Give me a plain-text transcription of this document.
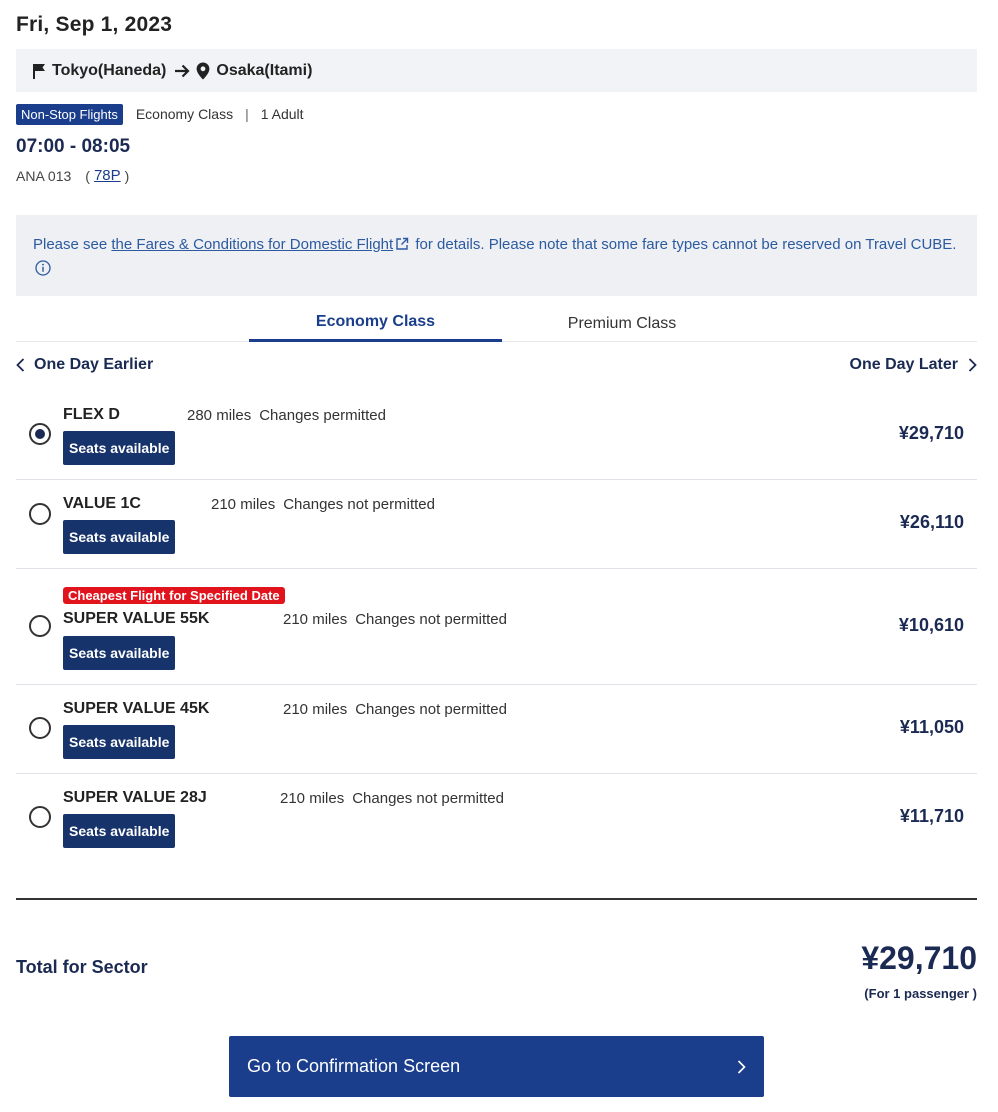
Fri, Sep 1, 2023
Tokyo(Haneda)	Osaka(Itami)
Non-Stop Flights	Economy Class | 1 Adult
07:00 - 08:05
ANA 013 ( 78P )
Please see the Fares & Conditions for Domestic Flight for details. Please note that some fare types cannot be reserved on Travel CUBE.
Economy Class	Premium Class
One Day Earlier	One Day Later
FLEX D	280 miles Changes permitted
Seats available
¥29,710
VALUE 1C	210 miles Changes not permitted
Seats available
¥26,110
Cheapest Flight for Specified Date
SUPER VALUE 55K	210 miles Changes not permitted
Seats available
¥10,610
SUPER VALUE 45K	210 miles Changes not permitted
Seats available
¥11,050
SUPER VALUE 28J	210 miles Changes not permitted
Seats available
¥11,710
Total for Sector	¥29,710
(For 1 passenger )
Go to Confirmation Screen
